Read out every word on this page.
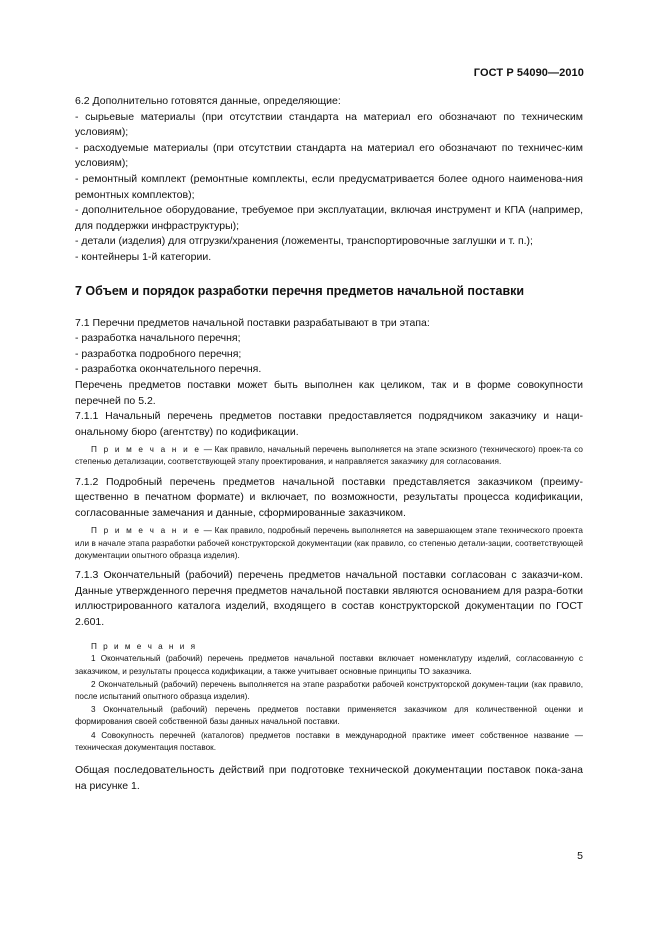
ГОСТ Р 54090—2010

6.2 Дополнительно готовятся данные, определяющие:

- сырьевые материалы (при отсутствии стандарта на материал его обозначают по техническим условиям);

- расходуемые материалы (при отсутствии стандарта на материал его обозначают по техничес-ким условиям);

- ремонтный комплект (ремонтные комплекты, если предусматривается более одного наименова-ния ремонтных комплектов);

- дополнительное оборудование, требуемое при эксплуатации, включая инструмент и КПА (например, для поддержки инфраструктуры);

- детали (изделия) для отгрузки/хранения (ложементы, транспортировочные заглушки и т. п.);

- контейнеры 1-й категории.

7 Объем и порядок разработки перечня предметов начальной поставки

7.1 Перечни предметов начальной поставки разрабатывают в три этапа:

- разработка начального перечня;

- разработка подробного перечня;

- разработка окончательного перечня.

Перечень предметов поставки может быть выполнен как целиком, так и в форме совокупности перечней по 5.2.

7.1.1 Начальный перечень предметов поставки предоставляется подрядчиком заказчику и наци-ональному бюро (агентству) по кодификации.

П р и м е ч а н и е — Как правило, начальный перечень выполняется на этапе эскизного (технического) проек-та со степенью детализации, соответствующей этапу проектирования, и направляется заказчику для согласования.

7.1.2 Подробный перечень предметов начальной поставки представляется заказчиком (преиму-щественно в печатном формате) и включает, по возможности, результаты процесса кодификации, согласованные замечания и данные, сформированные заказчиком.

П р и м е ч а н и е — Как правило, подробный перечень выполняется на завершающем этапе технического проекта или в начале этапа разработки рабочей конструкторской документации (как правило, со степенью детали-зации, соответствующей документации опытного образца изделия).

7.1.3 Окончательный (рабочий) перечень предметов начальной поставки согласован с заказчи-ком. Данные утвержденного перечня предметов начальной поставки являются основанием для разра-ботки иллюстрированного каталога изделий, входящего в состав конструкторской документации по ГОСТ 2.601.

П р и м е ч а н и я

1 Окончательный (рабочий) перечень предметов начальной поставки включает номенклатуру изделий, согласованную с заказчиком, и результаты процесса кодификации, а также учитывает основные принципы ТО заказчика.

2 Окончательный (рабочий) перечень выполняется на этапе разработки рабочей конструкторской докумен-тации (как правило, после испытаний опытного образца изделия).

3 Окончательный (рабочий) перечень предметов поставки применяется заказчиком для количественной оценки и формирования своей собственной базы данных начальной поставки.

4 Совокупность перечней (каталогов) предметов поставки в международной практике имеет собственное название — техническая документация поставок.

Общая последовательность действий при подготовке технической документации поставок пока-зана на рисунке 1.

5
